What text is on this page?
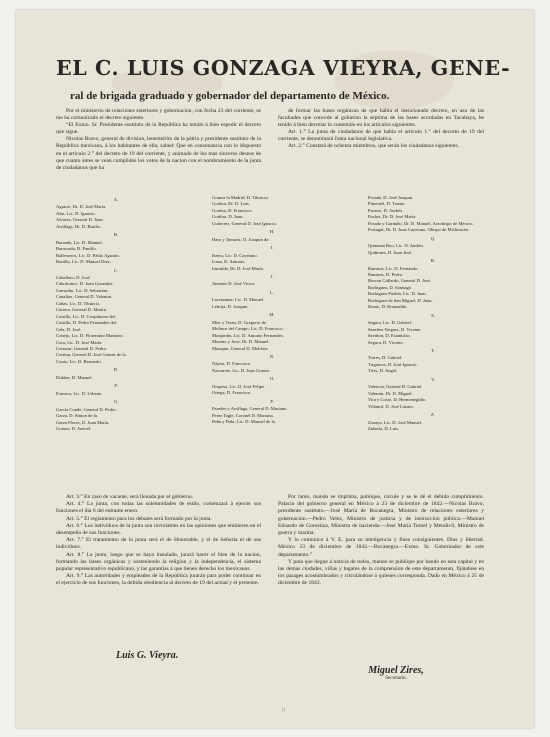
EL C. LUIS GONZAGA VIEYRA, GENE-
ral de brigada graduado y gobernador del departamento de México.

Por el ministerio de relaciones esteriores y gobernacion, con fecha 23 del corriente, se me ha comunicado el decreto siguiente.

“El Exmo. Sr. Presidente sustituto de la República ha tenido á bien espedir el decreto que sigue.

Nicolas Bravo, general de division, benemérito de la pátria y presidente sustituto de la República mexicana, á los habitantes de ella, sabed: Que en consonancia con lo dispuesto en el artículo 2.° del decreto de 19 del corriente, y animado de los mas sinceros deseos de que cuanto antes se vean cumplidos los votos de la nacion con el nombramiento de la junta de ciudadanos que ha

de formar las bases orgánicas de que habla el mencionado decreto, en uso de las facultades que concede al gobierno la séptima de las bases acordadas en Tacubaya, he tenido á bien decretar lo contenido en los artículos siguientes.

Art. 1.° La junta de ciudadanos de que habla el artículo 1.° del decreto de 19 del corriente, se denominará Junta nacional legislativa.

Art. 2.° Constará de ochenta miembros, que serán los ciudadanos siguientes.

A.
Aguirre, Dr. D. José María.
Alas, Lic. D. Ignacio.
Alvarez, General D. Juan.
Arrillaga, Dr. D. Basilio.
B.
Baranda, Lic. D. Manuel.
Barasorda, D. Panfilo.
Ballesteros, Lic. D. Pablo Agustin.
Bonilla, Lic. D. Manuel Diez.
C.
Caballero, D. José.
Cabofranco, D. Juan Gonzalez.
Camacho, Lic. D. Sebastian.
Canalizo, General D. Valentin.
Cañas, Lic. D. Tiburcio.
Carrera, General D. Martin.
Castillo, Lic. D. Crispiniano del.
Castillo, D. Pedro Fernandez del.
Cela, D. José.
Conejo, Lic. D. Florentino Martinez.
Cora, Lic. D. José María.
Cortazar, General D. Pedro.
Cortina, General D. José Gomez de la.
Couto, Lic. D. Bernardo.
D.
Dublan, D. Manuel.
F.
Fonseca, Lic. D. Urbano.
G.
García Conde, General D. Pedro.
Garza, D. Simon de la.
Garza Flores, D. Juan María.
Gomez, D. Anével.
Gomez la Madrid, D. Tiburcio.
Gordoa, Dr. D. Luis.
Gordoa, D. Francisco.
Gorihar, D. Juan.
Gutierrez, General D. José Ignacio.
H.
Haro y Tamariz, D. Joaquin de.
I.
Iberra, Lic. D. Cayetano.
Icaza, D. Antonio.
Iturralde, Dr. D. José María.
J.
Jimenez D. José Victor.
L.
Lorenzanar, Lic. D. Manuel.
Lebrija, D. Joaquin.
M.
Mier y Teran, D. Gregorio de.
Molinos del Campo, Lic. D. Francisco.
Monjardin, Lic. D. Antonio Fernandez.
Moreno y Jove, Dr. D. Manuel.
Muzquiz, General D. Melchor.
N.
Nájera, D. Francisco.
Navarrete, Lic. D. Juan Gomez.
O.
Oropesa, Lic. D. José Felipe.
Ortega, D. Francisco.
P.
Paredes y Arrillaga, General D. Mariano.
Perez Tagle, Coronel D. Mariano.
Peña y Peña, Lic. D. Manuel de la.
Posada, D. José Joaquin.
Pimentel, D. Tomás.
Pizarro, D. Andrés.
Puchet, Dr. D. José María.
Posada y Garduño, Dr. D. Manuel, Arzobispo de México.
Portugal, Dr. D. Juan Cayetano, Obispo de Michoacán.
Q.
Quintana Roo, Lic. D. Andrés.
Quiñones, D. Juan José.
R.
Ramirez, Lic. D. Fernando.
Ramirez, D. Pedro.
Rincon Gallardo, General D. José.
Rodriguez, D. Santiago.
Rodriguez Puebla, Lic. D. Juan.
Rodriguez de San Miguel, D. Juan.
Romo, D. Romualdo.
S.
Segura, Lic. D. Gabriel.
Sanchez Vergara, D. Vicente.
Saviñon, D. Estanislao.
Segura, D. Vicente.
T.
Torres, D. Gabriel.
Trigueros, D. José Ignacio.
Tries, D. Angel.
V.
Valencia, General D. Gabriel.
Valentin, Dr. D. Miguel.
Vira y Cosio, D. Hermenegildo.
Villamil, D. José Lázaro.
Z.
Zozaya, Lic. D. José Manuel.
Zubieta, D. Luis.

Art. 3.° En caso de vacante, será llenada por el gobierno.

Art. 4.° La junta, con todas las solemnidades de estilo, comenzará á ejercer sus funciones el dia 6 del entrante enero.

Art. 5.° El reglamento para los debates será formado por la junta.

Art. 6.° Los individuos de la junta son inviolables en las opiniones que emitieren en el desempeño de sus funciones.

Art. 7.° El tratamiento de la junta será el de Honorable, y el de Señoría el de sus individuos.

Art. 8.° La junta, luego que se haya instalado, jurará hacer el bien de la nacion, formando las bases orgánicas y sosteniendo la religion y la independencia, el sistema popular representativo republicano, y las garantías á que tienen derecho los mexicanos.

Art. 9.° Las autoridades y empleados de la República jurarán para poder continuar en el ejercicio de sus funciones, la debida obediencia al decreto de 19 del actual y el presente.

Por tanto, mando se imprima, publique, circule y se le dé el debido cumplimiento. Palacio del gobierno general en México á 23 de diciembre de 1842.—Nicolas Bravo, presidente sustituto.—José María de Bocanegra, Ministro de relaciones esteriores y gobernacion.—Pedro Velez, Ministro de justicia y de instruccion pública.—Manuel Eduardo de Gorostiza, Ministro de hacienda.—José María Tornel y Mendivil, Ministro de guerra y marina.

Y lo comunico á V. E. para su inteligencia y fines consiguientes. Dios y libertad. México 23 de diciembre de 1842.—Bocanegra.—Exmo. Sr. Gobernador de este departamento.”

Y para que llegue á noticia de todos, mando se publique por bando en esta capital y en las demas ciudades, villas y lugares de la comprension de este departamento, fijándose en los parages acostumbrados y circulándose á quienes corresponda. Dado en México á 25 de diciembre de 1842.

Luis G. Vieyra.
Miguel Zires,
Secretario.
11
